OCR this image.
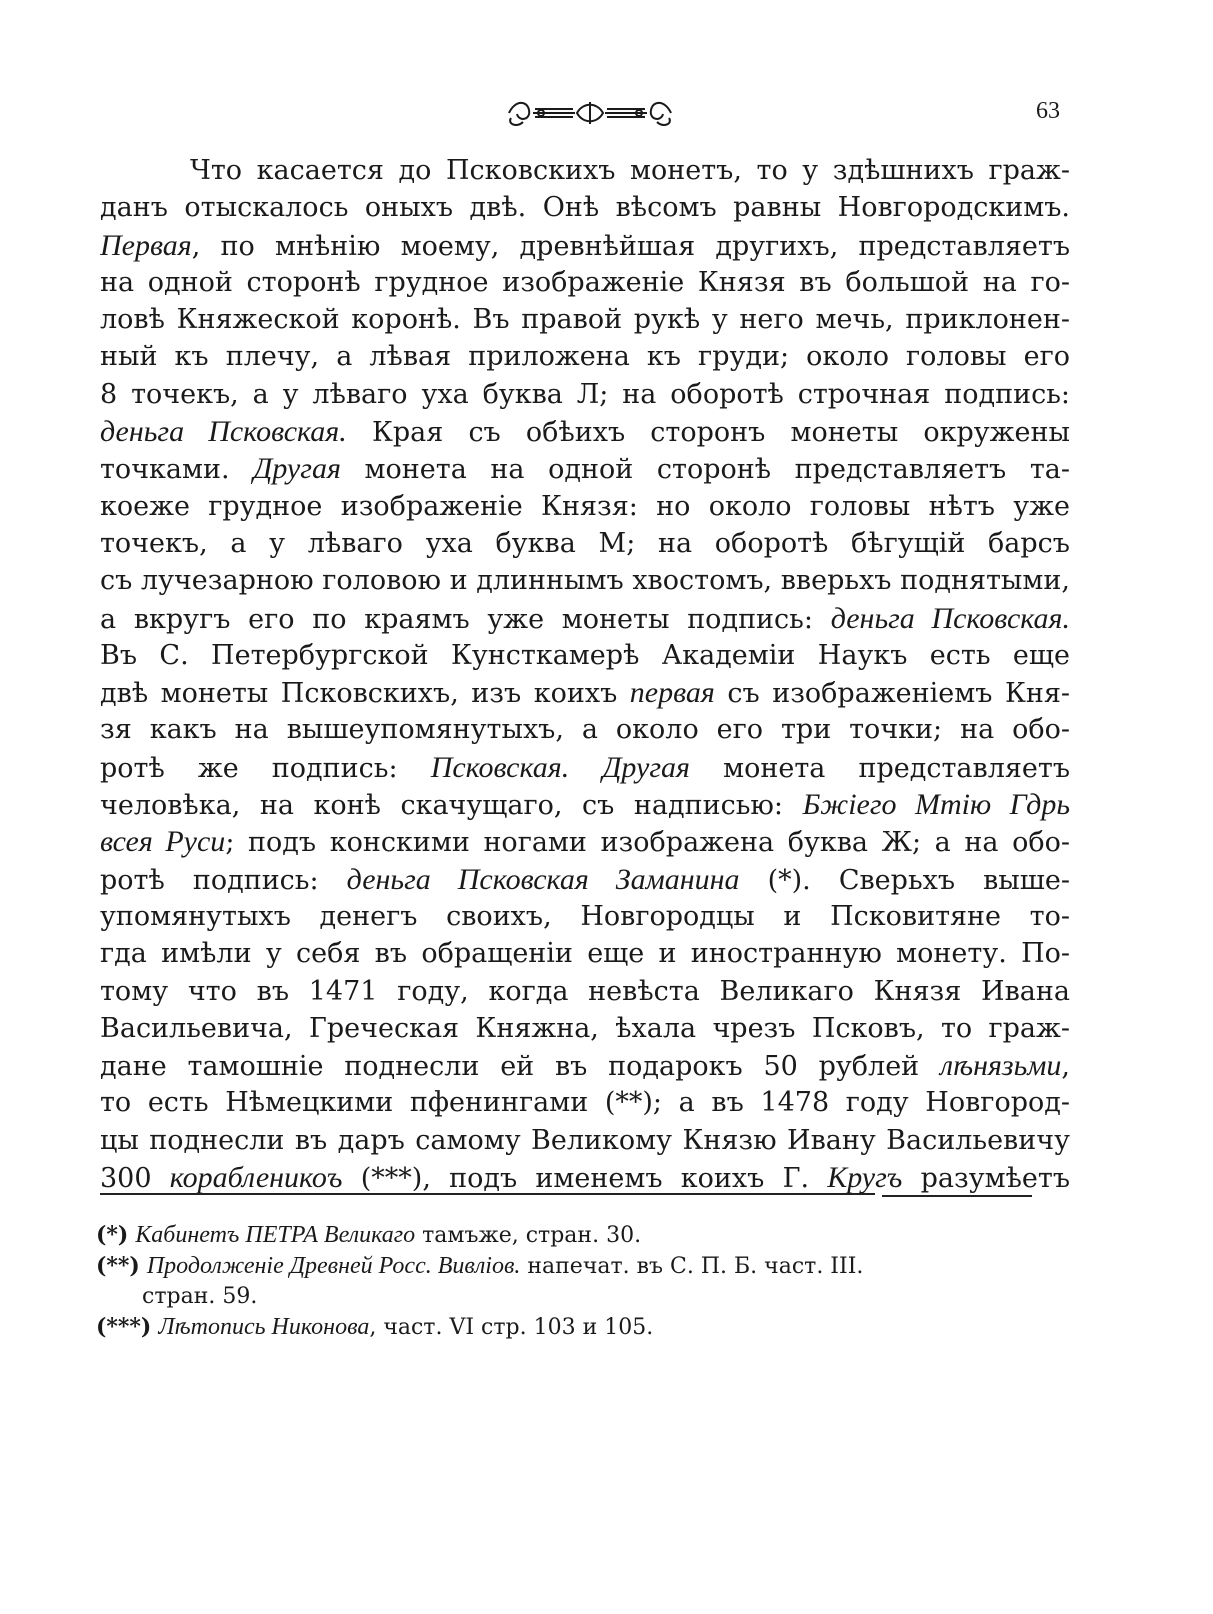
63
Что касается до Псковскихъ монетъ, то у здѣшнихъ граж-
данъ отыскалось оныхъ двѣ. Онѣ вѣсомъ равны Новгородскимъ.
Первая, по мнѣнію моему, древнѣйшая другихъ, представляетъ
на одной сторонѣ грудное изображеніе Князя въ большой на го-
ловѣ Княжеской коронѣ. Въ правой рукѣ у него мечь, приклонен-
ный къ плечу, а лѣвая приложена къ груди; около головы его
8 точекъ, а у лѣваго уха буква Л; на оборотѣ строчная подпись:
деньга Псковская. Края съ обѣихъ сторонъ монеты окружены
точками. Другая монета на одной сторонѣ представляетъ та-
коеже грудное изображеніе Князя: но около головы нѣтъ уже
точекъ, а у лѣваго уха буква М; на оборотѣ бѣгущій барсъ
съ лучезарною головою и длиннымъ хвостомъ, вверьхъ поднятыми,
а вкругъ его по краямъ уже монеты подпись: деньга Псковская.
Въ С. Петербургской Кунсткамерѣ Академіи Наукъ есть еще
двѣ монеты Псковскихъ, изъ коихъ первая съ изображеніемъ Кня-
зя какъ на вышеупомянутыхъ, а около его три точки; на обо-
ротѣ же подпись: Псковская. Другая монета представляетъ
человѣка, на конѣ скачущаго, съ надписью: Бжіего Мтію Гдрь
всея Руси; подъ конскими ногами изображена буква Ж; а на обо-
ротѣ подпись: деньга Псковская Заманина (*). Сверьхъ выше-
упомянутыхъ денегъ своихъ, Новгородцы и Псковитяне то-
гда имѣли у себя въ обращеніи еще и иностранную монету. По-
тому что въ 1471 году, когда невѣста Великаго Князя Ивана
Васильевича, Греческая Княжна, ѣхала чрезъ Псковъ, то граж-
дане тамошніе поднесли ей въ подарокъ 50 рублей лѣнязьми,
то есть Нѣмецкими пфенингами (**); а въ 1478 году Новгород-
цы поднесли въ даръ самому Великому Князю Ивану Васильевичу
300 корабленикоъ (***), подъ именемъ коихъ Г. Кругъ разумѣетъ
(*) Кабинетъ ПЕТРА Великаго тамъже, стран. 30.
(**) Продолженіе Древней Росс. Вивліов. напечат. въ С. П. Б. част. III.
стран. 59.
(***) Лѣтопись Никонова, част. VI стр. 103 и 105.
